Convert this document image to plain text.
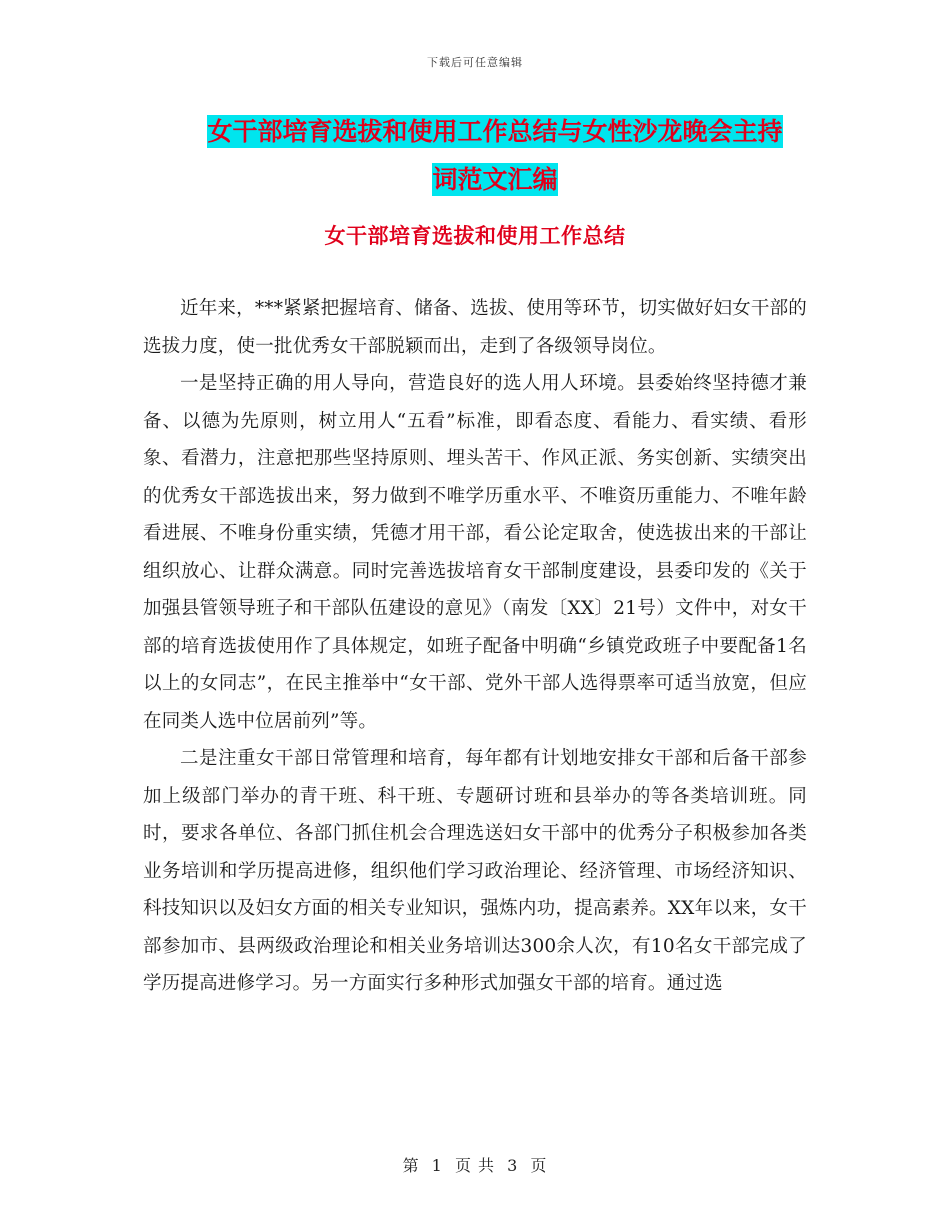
下载后可任意编辑
女干部培育选拔和使用工作总结与女性沙龙晚会主持
词范文汇编
女干部培育选拔和使用工作总结

近年来，***紧紧把握培育、储备、选拔、使用等环节，切实做好妇女干部的选拔力度，使一批优秀女干部脱颖而出，走到了各级领导岗位。

一是坚持正确的用人导向，营造良好的选人用人环境。县委始终坚持德才兼备、以德为先原则，树立用人“五看”标准，即看态度、看能力、看实绩、看形象、看潜力，注意把那些坚持原则、埋头苦干、作风正派、务实创新、实绩突出的优秀女干部选拔出来，努力做到不唯学历重水平、不唯资历重能力、不唯年龄看进展、不唯身份重实绩，凭德才用干部，看公论定取舍，使选拔出来的干部让组织放心、让群众满意。同时完善选拔培育女干部制度建设，县委印发的《关于加强县管领导班子和干部队伍建设的意见》（南发〔XX〕21号）文件中，对女干部的培育选拔使用作了具体规定，如班子配备中明确“乡镇党政班子中要配备1名以上的女同志”，在民主推举中“女干部、党外干部人选得票率可适当放宽，但应在同类人选中位居前列”等。

二是注重女干部日常管理和培育，每年都有计划地安排女干部和后备干部参加上级部门举办的青干班、科干班、专题研讨班和县举办的等各类培训班。同时，要求各单位、各部门抓住机会合理选送妇女干部中的优秀分子积极参加各类业务培训和学历提高进修，组织他们学习政治理论、经济管理、市场经济知识、科技知识以及妇女方面的相关专业知识，强炼内功，提高素养。XX年以来，女干部参加市、县两级政治理论和相关业务培训达300余人次，有10名女干部完成了学历提高进修学习。另一方面实行多种形式加强女干部的培育。通过选

第 1 页 共 3 页
